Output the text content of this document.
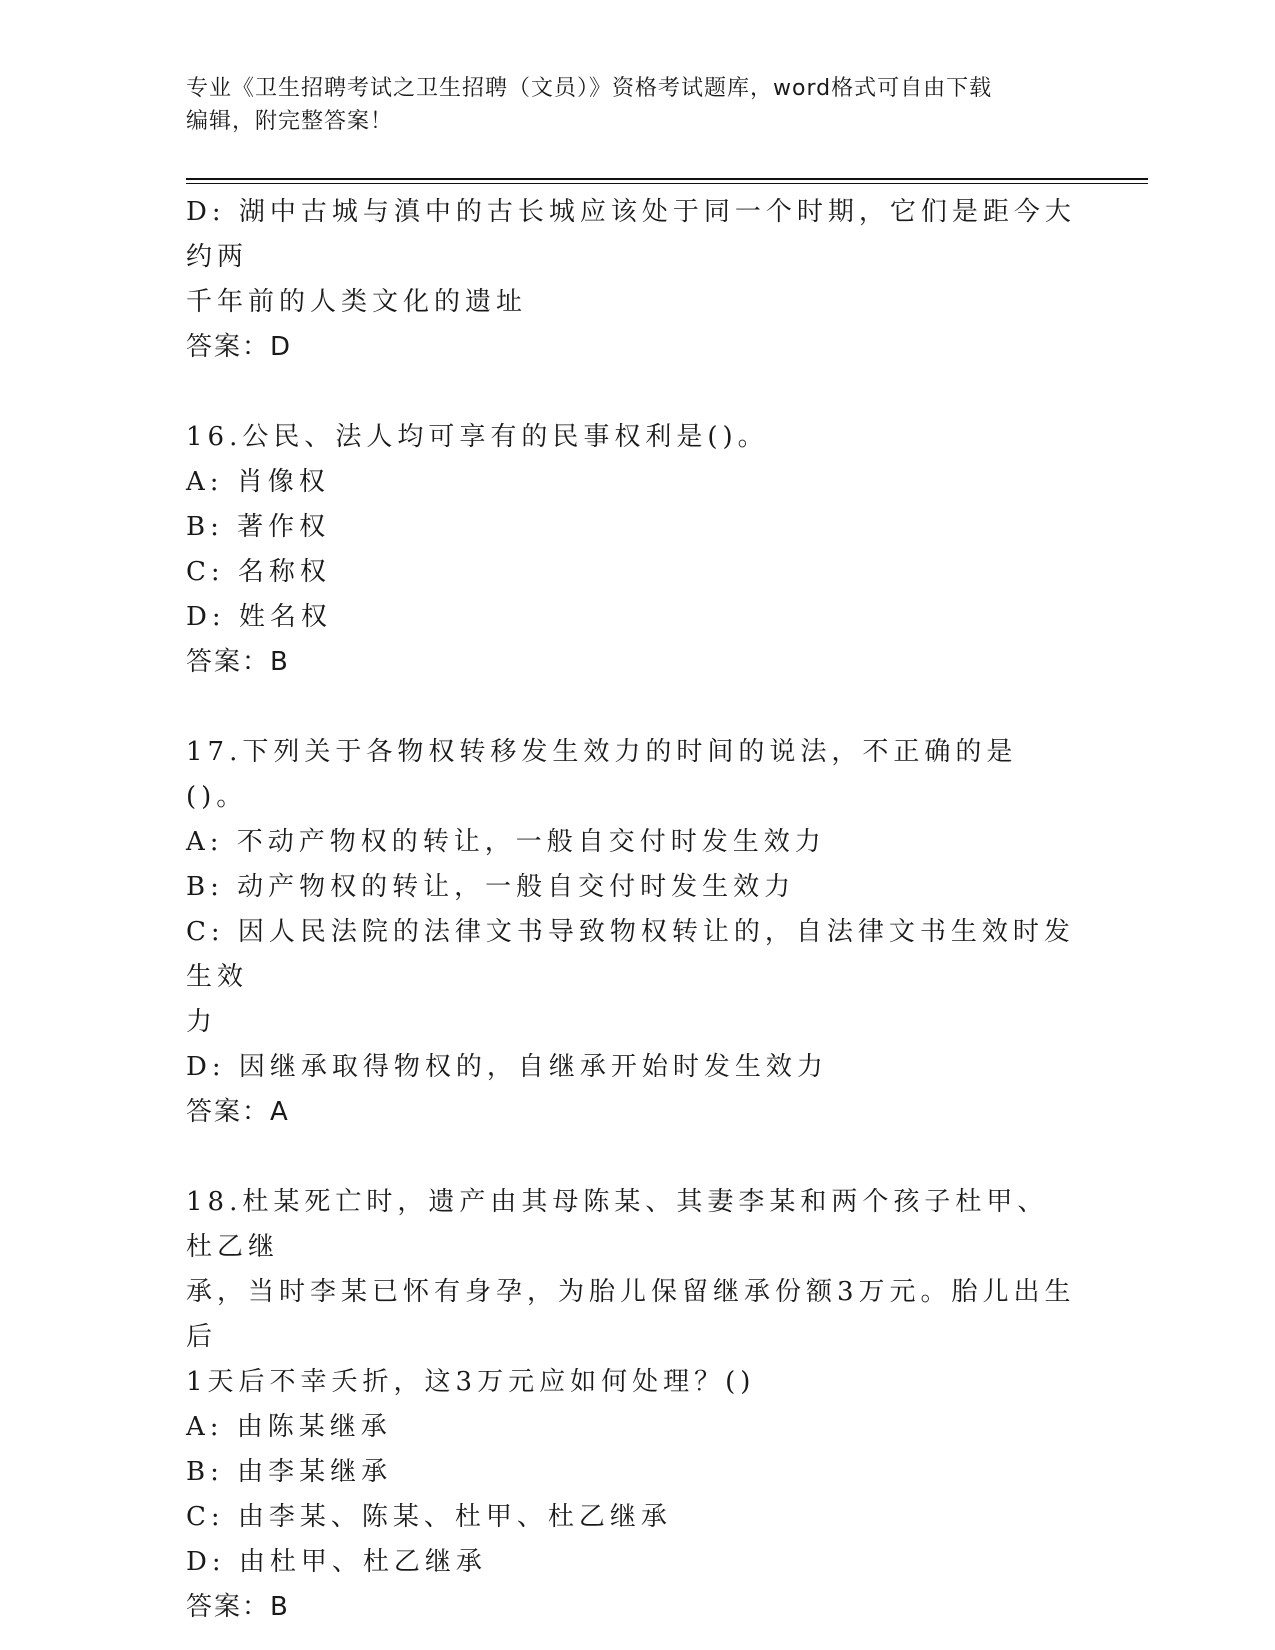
专业《卫生招聘考试之卫生招聘（文员）》资格考试题库，word格式可自由下载
编辑，附完整答案！

D: 湖中古城与滇中的古长城应该处于同一个时期，它们是距今大约两

千年前的人类文化的遗址

答案：D

16.公民、法人均可享有的民事权利是()。

A: 肖像权

B: 著作权

C: 名称权

D: 姓名权

答案：B

17.下列关于各物权转移发生效力的时间的说法，不正确的是()。

A: 不动产物权的转让，一般自交付时发生效力

B: 动产物权的转让，一般自交付时发生效力

C: 因人民法院的法律文书导致物权转让的，自法律文书生效时发生效

力

D: 因继承取得物权的，自继承开始时发生效力

答案：A

18.杜某死亡时，遗产由其母陈某、其妻李某和两个孩子杜甲、杜乙继

承，当时李某已怀有身孕，为胎儿保留继承份额3万元。胎儿出生后

1天后不幸夭折，这3万元应如何处理？()

A: 由陈某继承

B: 由李某继承

C: 由李某、陈某、杜甲、杜乙继承

D: 由杜甲、杜乙继承

答案：B
